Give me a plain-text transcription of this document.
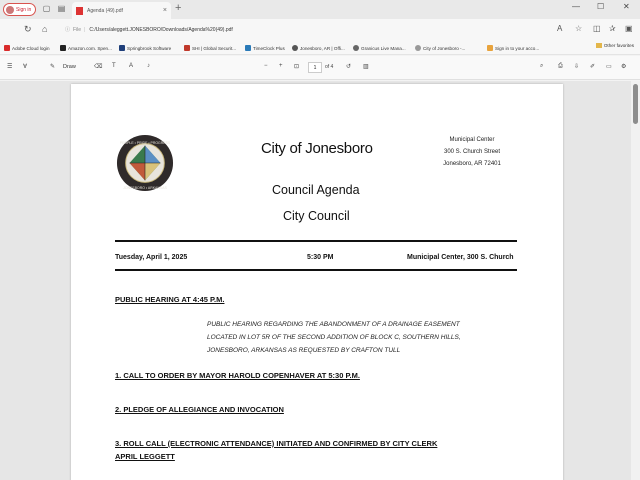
Sign in ▢ ▤	Agenda (49).pdf	× +	— ☐ ✕
↻ ⌂	ⓘ File | C:/Users/aleggett.JONESBORO/Downloads/Agenda%20(49).pdf	A ☆ ◫ ✰ ▣
Adobe Cloud login	Amazon.com. Spen...	Springbrook Software	SHI | Global Securit...	TimeClock Plus	Jonesboro, AR | Offi...	Granicus Live Mana...	City of Jonesboro -...	Sign in to your acco...	Other favorites
☰ ∀	✎ Draw	⌫ T A ♪	− + ⊡	1	of 4 ↺ ▥	⌕ ⎙ ⇩ ✐ ▭ ⚙
PEOPLE • PRIDE • PROGRESS
JONESBORO • ARKANSAS
City of Jonesboro	Municipal Center
300 S. Church Street
Jonesboro, AR 72401
Council Agenda
City Council
Tuesday, April 1, 2025	5:30 PM	Municipal Center, 300 S. Church
PUBLIC HEARING AT 4:45 P.M.
PUBLIC HEARING REGARDING THE ABANDONMENT OF A DRAINAGE EASEMENT
LOCATED IN LOT 5R OF THE SECOND ADDITION OF BLOCK C, SOUTHERN HILLS,
JONESBORO, ARKANSAS AS REQUESTED BY CRAFTON TULL
1. CALL TO ORDER BY MAYOR HAROLD COPENHAVER AT 5:30 P.M.
2. PLEDGE OF ALLEGIANCE AND INVOCATION
3. ROLL CALL (ELECTRONIC ATTENDANCE) INITIATED AND CONFIRMED BY CITY CLERK
APRIL LEGGETT
